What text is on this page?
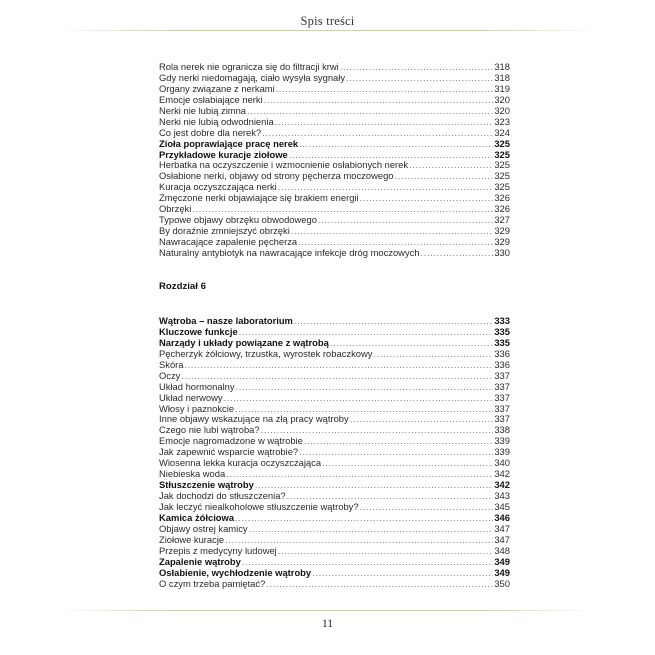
Spis treści
Rola nerek nie ogranicza się do filtracji krwi .....	318
Gdy nerki niedomagają, ciało wysyła sygnały .....	318
Organy związane z nerkami .....	319
Emocje osłabiające nerki .....	320
Nerki nie lubią zimna .....	320
Nerki nie lubią odwodnienia .....	323
Co jest dobre dla nerek? .....	324
Zioła poprawiające pracę nerek .....	325
Przykładowe kuracje ziołowe .....	325
Herbatka na oczyszczenie i wzmocnienie osłabionych nerek .....	325
Osłabione nerki, objawy od strony pęcherza moczowego .....	325
Kuracja oczyszczająca nerki .....	325
Zmęczone nerki objawiające się brakiem energii .....	326
Obrzęki .....	326
Typowe objawy obrzęku obwodowego .....	327
By doraźnie zmniejszyć obrzęki .....	329
Nawracające zapalenie pęcherza .....	329
Naturalny antybiotyk na nawracające infekcje dróg moczowych .....	330
Rozdział 6
Wątroba – nasze laboratorium .....	333
Kluczowe funkcje .....	335
Narządy i układy powiązane z wątrobą .....	335
Pęcherzyk żółciowy, trzustka, wyrostek robaczkowy .....	336
Skóra .....	336
Oczy .....	337
Układ hormonalny .....	337
Układ nerwowy .....	337
Włosy i paznokcie .....	337
Inne objawy wskazujące na złą pracy wątroby .....	337
Czego nie lubi wątroba? .....	338
Emocje nagromadzone w wątrobie .....	339
Jak zapewnić wsparcie wątrobie? .....	339
Wiosenna lekka kuracja oczyszczająca .....	340
Niebieska woda .....	342
Stłuszczenie wątroby .....	342
Jak dochodzi do stłuszczenia? .....	343
Jak leczyć niealkoholowe stłuszczenie wątroby? .....	345
Kamica żółciowa .....	346
Objawy ostrej kamicy .....	347
Ziołowe kuracje .....	347
Przepis z medycyny ludowej .....	348
Zapalenie wątroby .....	349
Osłabienie, wychłodzenie wątroby .....	349
O czym trzeba pamiętać? .....	350
11
